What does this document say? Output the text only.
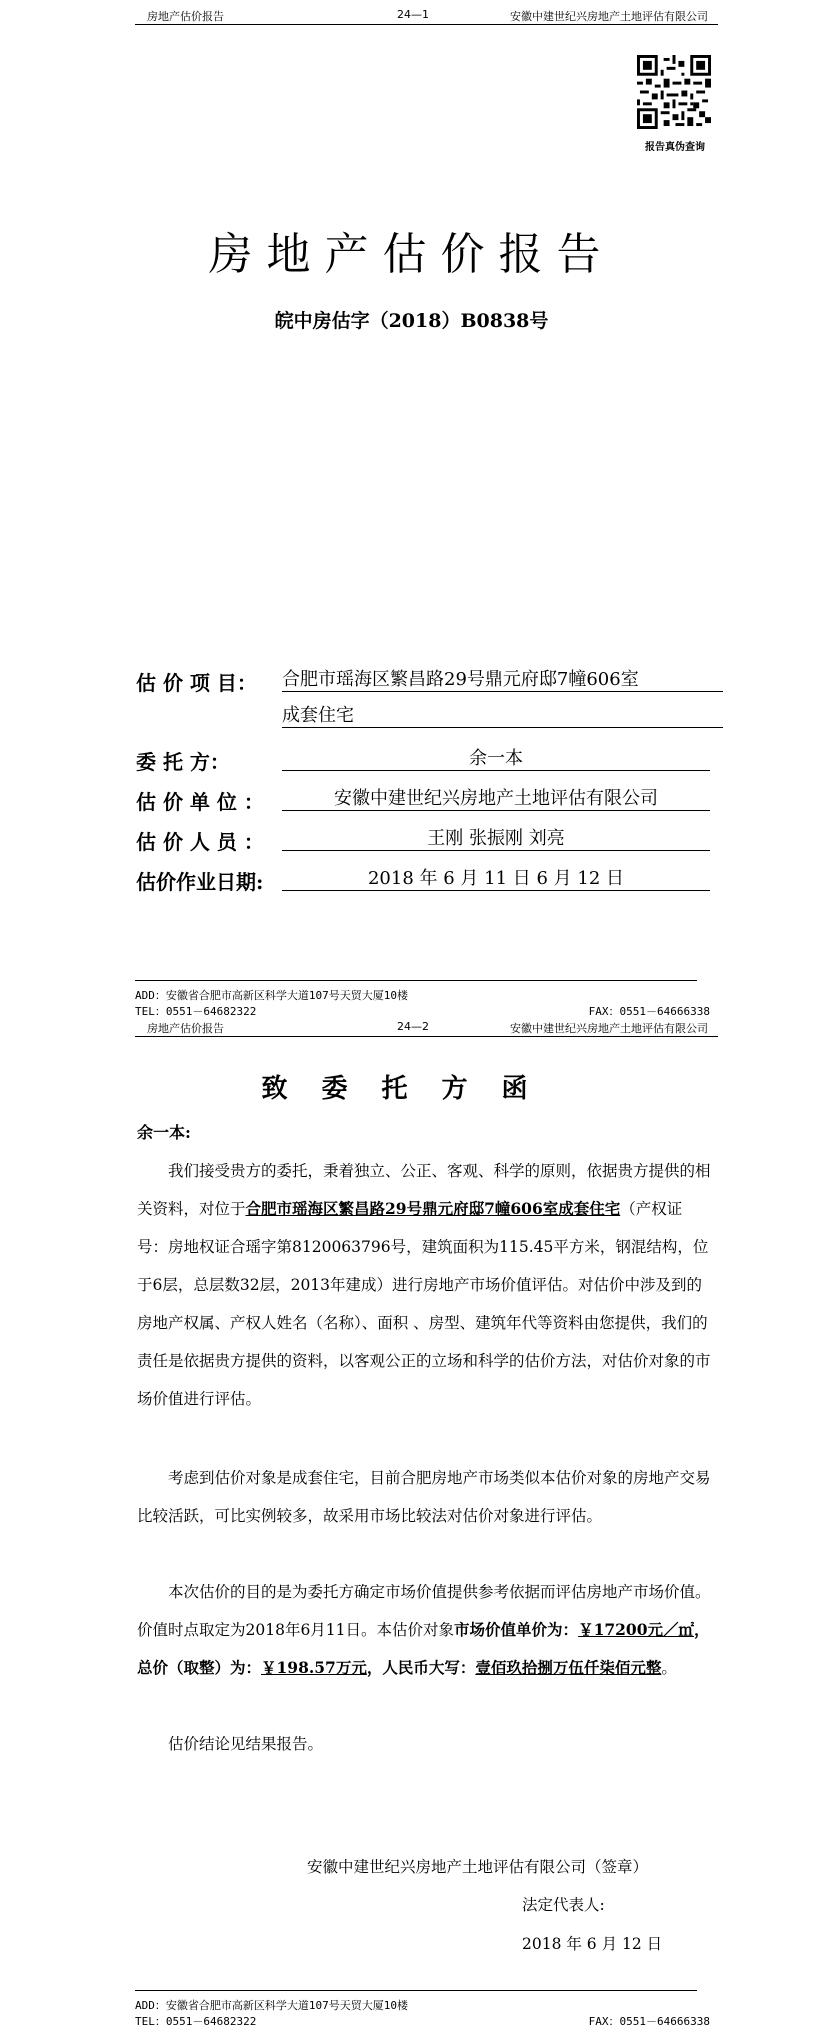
房地产估价报告	24—1	安徽中建世纪兴房地产土地评估有限公司
报告真伪查询
房地产估价报告
皖中房估字（2018）B0838号
估 价 项 目： 合肥市瑶海区繁昌路29号鼎元府邸7幢606室
成套住宅
委 托 方：	余一本
估 价 单 位 ：	安徽中建世纪兴房地产土地评估有限公司
估 价 人 员 ：	王刚 张振刚 刘亮
估价作业日期:	2018 年 6 月 11 日 6 月 12 日
ADD：安徽省合肥市高新区科学大道107号天贸大厦10楼
TEL：0551－64682322	FAX：0551－64666338
房地产估价报告	24—2	安徽中建世纪兴房地产土地评估有限公司
致委托方函
余一本:
我们接受贵方的委托，秉着独立、公正、客观、科学的原则，依据贵方提供的相关资料，对位于合肥市瑶海区繁昌路29号鼎元府邸7幢606室成套住宅（产权证号：房地权证合瑶字第8120063796号，建筑面积为115.45平方米，钢混结构，位于6层，总层数32层，2013年建成）进行房地产市场价值评估。对估价中涉及到的房地产权属、产权人姓名（名称）、面积 、房型、建筑年代等资料由您提供，我们的责任是依据贵方提供的资料，以客观公正的立场和科学的估价方法，对估价对象的市场价值进行评估。
考虑到估价对象是成套住宅，目前合肥房地产市场类似本估价对象的房地产交易比较活跃，可比实例较多，故采用市场比较法对估价对象进行评估。
本次估价的目的是为委托方确定市场价值提供参考依据而评估房地产市场价值。价值时点取定为2018年6月11日。本估价对象市场价值单价为：￥17200元／㎡，总价（取整）为：￥198.57万元，人民币大写：壹佰玖拾捌万伍仟柒佰元整。
估价结论见结果报告。
安徽中建世纪兴房地产土地评估有限公司（签章）
法定代表人:
2018 年 6 月 12 日
ADD：安徽省合肥市高新区科学大道107号天贸大厦10楼
TEL：0551－64682322	FAX：0551－64666338
